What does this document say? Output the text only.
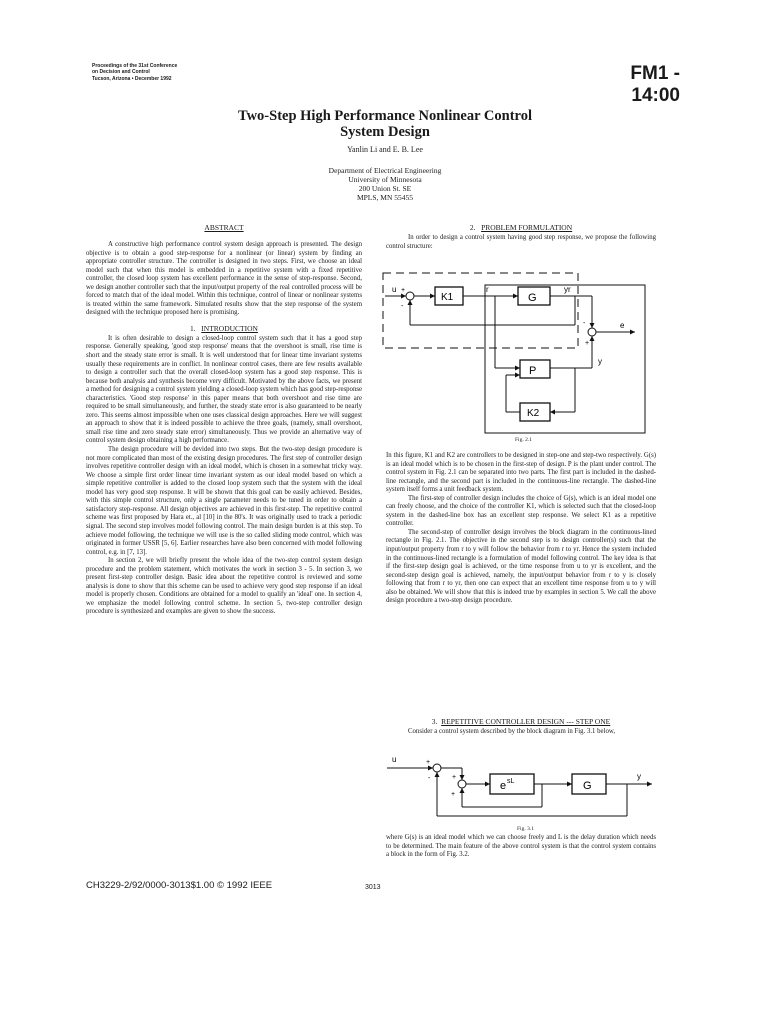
Proceedings of the 31st Conference
on Decision and Control
Tucson, Arizona • December 1992	FM1 - 14:00
Two-Step High Performance Nonlinear Control
System Design
Yanlin Li and E. B. Lee
Department of Electrical Engineering
University of Minnesota
200 Union St. SE
MPLS, MN 55455
ABSTRACT

A constructive high performance control system design approach is presented. The design objective is to obtain a good step-response for a nonlinear (or linear) system by finding an appropriate controller structure. The controller is designed in two steps. First, we choose an ideal model such that when this model is embedded in a repetitive system with a fixed repetitive controller, the closed loop system has excellent performance in the sense of step-response. Second, we design another controller such that the input/output property of the real controlled process will be forced to match that of the ideal model. Within this technique, control of linear or nonlinear systems is treated within the same framework. Simulated results show that the step response of the system designed with the technique proposed here is promising.

1. INTRODUCTION

It is often desirable to design a closed-loop control system such that it has a good step response. Generally speaking, 'good step response' means that the overshoot is small, rise time is short and the steady state error is small. It is well understood that for linear time invariant systems usually these requirements are in conflict. In nonlinear control cases, there are few results available to design a controller such that the overall closed-loop system has a good step response. This is because both analysis and synthesis become very difficult. Motivated by the above facts, we present a method for designing a control system yielding a closed-loop system which has good step-response characteristics. 'Good step response' in this paper means that both overshoot and rise time are required to be small simultaneously, and further, the steady state error is also guaranteed to be nearly zero. This seems almost impossible when one uses classical design approaches. Here we will suggest an approach to show that it is indeed possible to achieve the three goals, (namely, small overshoot, small rise time and zero steady state error) simultaneously. Thus we provide an alternative way of control system design obtaining a high performance.

The design procedure will be devided into two steps. But the two-step design procedure is not more complicated than most of the existing design procedures. The first step of controller design involves repetitive controller design with an ideal model, which is chosen in a somewhat tricky way. We choose a simple first order linear time invariant system as our ideal model based on which a simple repetitive controller is added to the closed loop system such that the system with the ideal model has very good step response. It will be shown that this goal can be easily achieved. Besides, with this simple control structure, only a single parameter needs to be tuned in order to obtain a satisfactory step-response. All design objectives are achieved in this first-step. The repetitive control scheme was first proposed by Hara et., al [10] in the 80's. It was originally used to track a periodic signal. The second step involves model following control. The main design burden is at this step. To achieve model following, the technique we will use is the so called sliding mode control, which was originated in former USSR [5, 6]. Earlier researches have also been concerned with model following control, e.g. in [7, 13].

In section 2, we will briefly present the whole idea of the two-step control system design procedure and the problem statement, which motivates the work in section 3 - 5. In section 3, we present first-step controller design. Basic idea about the repetitive control is reviewed and some analysis is done to show that this scheme can be used to achieve very good step response if an ideal model is properly chosen. Conditions are obtained for a model to qualify an 'ideal' one. In section 4, we emphasize the model following control scheme. In section 5, two-step controller design procedure is synthesized and examples are given to show the success.

2. PROBLEM FORMULATION

In order to design a control system having good step response, we propose the following control structure:

u +
-
K1
r
G
yr
-	e
+
y
P
K2
Fig. 2.1

In this figure, K1 and K2 are controllers to be designed in step-one and step-two respectively. G(s) is an ideal model which is to be chosen in the first-step of design. P is the plant under control. The control system in Fig. 2.1 can be separated into two parts. The first part is included in the dashed-line rectangle, and the second part is included in the continuous-line rectangle. The dashed-line system itself forms a unit feedback system.

The first-step of controller design includes the choice of G(s), which is an ideal model one can freely choose, and the choice of the controller K1, which is selected such that the closed-loop system in the dashed-line box has an excellent step response. We select K1 as a repetitive controller.

The second-step of controller design involves the block diagram in the continuous-lined rectangle in Fig. 2.1. The objective in the second step is to design controller(s) such that the input/output property from r to y will follow the behavior from r to yr. Hence the system included in the continuous-lined rectangle is a formulation of model following control. The key idea is that if the first-step design goal is achieved, or the time response from u to yr is excellent, and the second-step design goal is achieved, namely, the input/output behavior from r to y is closely following that from r to yr, then one can expect that an excellent time response from u to y will also be obtained. We will show that this is indeed true by examples in section 5. We call the above design procedure a two-step design procedure.

3. REPETITIVE CONTROLLER DESIGN --- STEP ONE

Consider a control system described by the block diagram in Fig. 3.1 below,

u	+
+
+
e sL	G
y
-
Fig. 3.1

where G(s) is an ideal model which we can choose freely and L is the delay duration which needs to be determined. The main feature of the above control system is that the control system contains a block in the form of Fig. 3.2.

CH3229-2/92/0000-3013$1.00 © 1992 IEEE	3013
